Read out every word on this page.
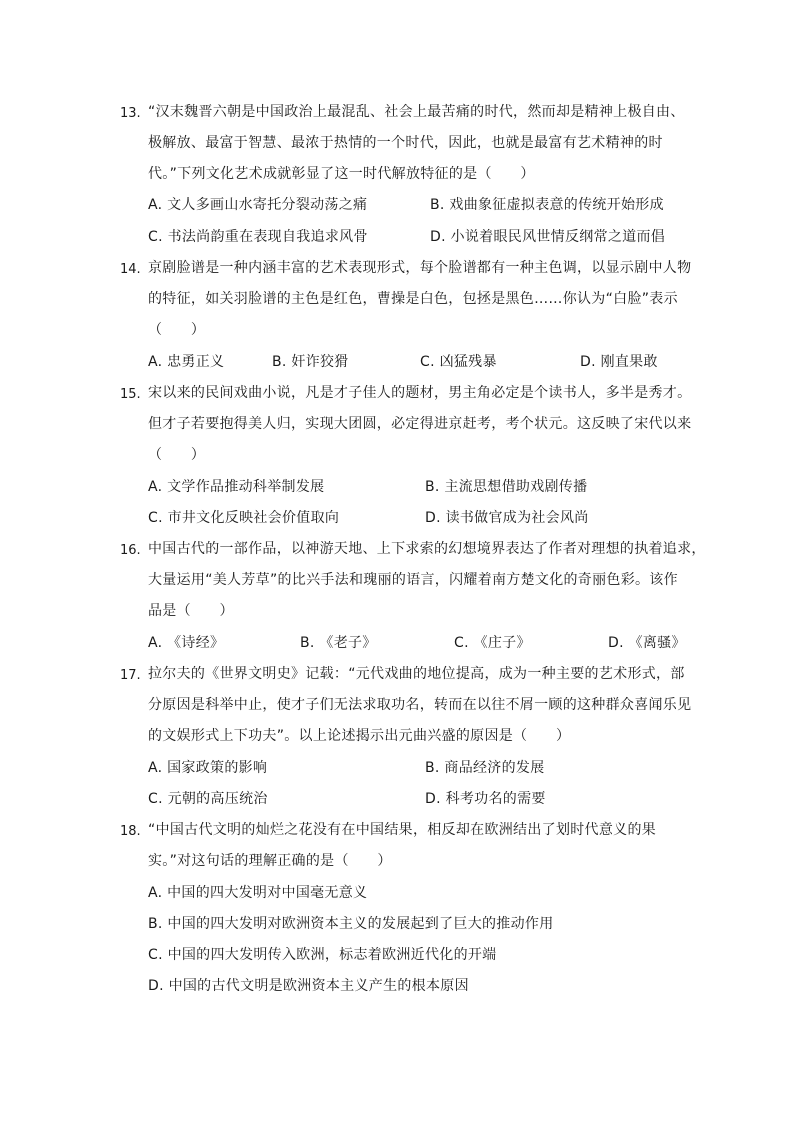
13. “汉末魏晋六朝是中国政治上最混乱、社会上最苦痛的时代，然而却是精神上极自由、
极解放、最富于智慧、最浓于热情的一个时代，因此，也就是最富有艺术精神的时
代。”下列文化艺术成就彰显了这一时代解放特征的是（　　）
A. 文人多画山水寄托分裂动荡之痛	B. 戏曲象征虚拟表意的传统开始形成
C. 书法尚韵重在表现自我追求风骨	D. 小说着眼民风世情反纲常之道而倡
14. 京剧脸谱是一种内涵丰富的艺术表现形式，每个脸谱都有一种主色调，以显示剧中人物
的特征，如关羽脸谱的主色是红色，曹操是白色，包拯是黑色……你认为“白脸”表示
（　　）
A. 忠勇正义	B. 奸诈狡猾	C. 凶猛残暴	D. 刚直果敢
15. 宋以来的民间戏曲小说，凡是才子佳人的题材，男主角必定是个读书人，多半是秀才。
但才子若要抱得美人归，实现大团圆，必定得进京赶考，考个状元。这反映了宋代以来
（　　）
A. 文学作品推动科举制发展	B. 主流思想借助戏剧传播
C. 市井文化反映社会价值取向	D. 读书做官成为社会风尚
16. 中国古代的一部作品，以神游天地、上下求索的幻想境界表达了作者对理想的执着追求，
大量运用“美人芳草”的比兴手法和瑰丽的语言，闪耀着南方楚文化的奇丽色彩。该作
品是（　　）
A. 《诗经》	B. 《老子》	C. 《庄子》	D. 《离骚》
17. 拉尔夫的《世界文明史》记载：“元代戏曲的地位提高，成为一种主要的艺术形式，部
分原因是科举中止，使才子们无法求取功名，转而在以往不屑一顾的这种群众喜闻乐见
的文娱形式上下功夫”。以上论述揭示出元曲兴盛的原因是（　　）
A. 国家政策的影响	B. 商品经济的发展
C. 元朝的高压统治	D. 科考功名的需要
18. “中国古代文明的灿烂之花没有在中国结果，相反却在欧洲结出了划时代意义的果
实。”对这句话的理解正确的是（　　）
A. 中国的四大发明对中国毫无意义
B. 中国的四大发明对欧洲资本主义的发展起到了巨大的推动作用
C. 中国的四大发明传入欧洲，标志着欧洲近代化的开端
D. 中国的古代文明是欧洲资本主义产生的根本原因
